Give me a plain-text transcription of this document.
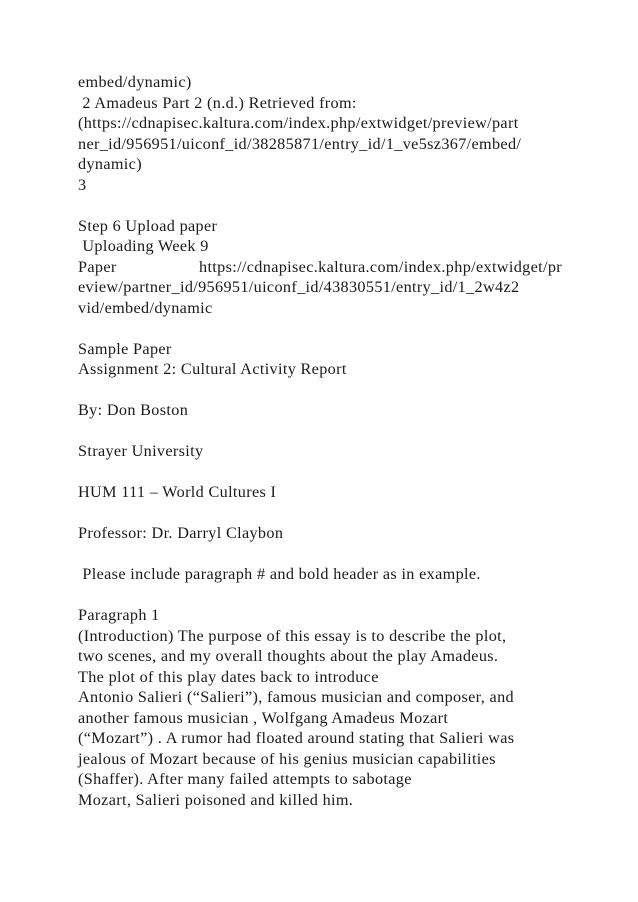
embed/dynamic)
2 Amadeus Part 2 (n.d.) Retrieved from:
(https://cdnapisec.kaltura.com/index.php/extwidget/preview/part
ner_id/956951/uiconf_id/38285871/entry_id/1_ve5sz367/embed/
dynamic)
3
Step 6 Upload paper
Uploading Week 9
Paper	https://cdnapisec.kaltura.com/index.php/extwidget/pr
eview/partner_id/956951/uiconf_id/43830551/entry_id/1_2w4z2
vid/embed/dynamic
Sample Paper
Assignment 2: Cultural Activity Report
By: Don Boston
Strayer University
HUM 111 – World Cultures I
Professor: Dr. Darryl Claybon
Please include paragraph # and bold header as in example.
Paragraph 1
(Introduction) The purpose of this essay is to describe the plot,
two scenes, and my overall thoughts about the play Amadeus.
The plot of this play dates back to introduce
Antonio Salieri (“Salieri”), famous musician and composer, and
another famous musician , Wolfgang Amadeus Mozart
(“Mozart”) . A rumor had floated around stating that Salieri was
jealous of Mozart because of his genius musician capabilities
(Shaffer). After many failed attempts to sabotage
Mozart, Salieri poisoned and killed him.
